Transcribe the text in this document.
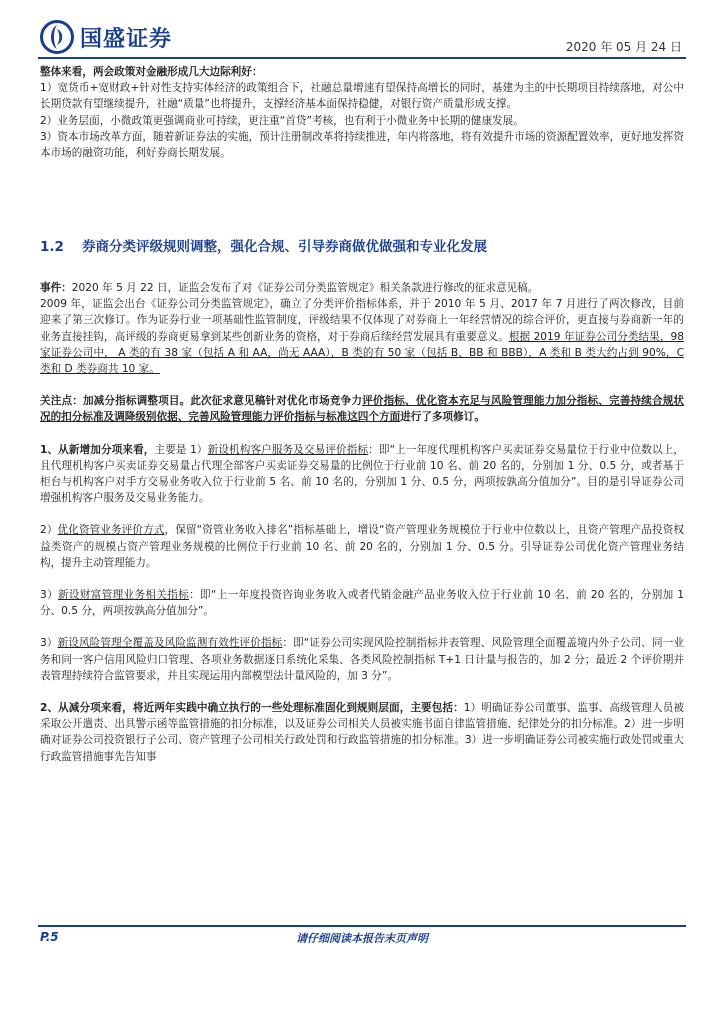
国盛证券	2020 年 05 月 24 日

整体来看，两会政策对金融形成几大边际利好：

1）宽货币+宽财政+针对性支持实体经济的政策组合下，社融总量增速有望保持高增长的同时，基建为主的中长期项目持续落地，对公中长期贷款有望继续提升，社融“质量”也将提升，支撑经济基本面保持稳健，对银行资产质量形成支撑。

2）业务层面，小微政策更强调商业可持续，更注重“首贷”考核，也有利于小微业务中长期的健康发展。

3）资本市场改革方面，随着新证券法的实施，预计注册制改革将持续推进，年内将落地，将有效提升市场的资源配置效率，更好地发挥资本市场的融资功能，利好券商长期发展。

1.2 券商分类评级规则调整，强化合规、引导券商做优做强和专业化发展

事件：2020 年 5 月 22 日，证监会发布了对《证券公司分类监管规定》相关条款进行修改的征求意见稿。

2009 年，证监会出台《证券公司分类监管规定》，确立了分类评价指标体系，并于 2010 年 5 月、2017 年 7 月进行了两次修改，目前迎来了第三次修订。作为证券行业一项基础性监管制度，评级结果不仅体现了对券商上一年经营情况的综合评价，更直接与券商新一年的业务直接挂钩，高评级的券商更易拿到某些创新业务的资格，对于券商后续经营发展具有重要意义。根据 2019 年证券公司分类结果，98 家证券公司中， A 类的有 38 家（包括 A 和 AA，尚无 AAA），B 类的有 50 家（包括 B、BB 和 BBB），A 类和 B 类大约占到 90%，C 类和 D 类券商共 10 家。

关注点：加减分指标调整项目。此次征求意见稿针对优化市场竞争力评价指标、优化资本充足与风险管理能力加分指标、完善持续合规状况的扣分标准及调降级别依据、完善风险管理能力评价指标与标准这四个方面进行了多项修订。

1、从新增加分项来看，主要是 1）新设机构客户服务及交易评价指标：即“上一年度代理机构客户买卖证券交易量位于行业中位数以上，且代理机构客户买卖证券交易量占代理全部客户买卖证券交易量的比例位于行业前 10 名、前 20 名的，分别加 1 分、0.5 分，或者基于柜台与机构客户对手方交易业务收入位于行业前 5 名、前 10 名的，分别加 1 分、0.5 分，两项按孰高分值加分”。目的是引导证券公司增强机构客户服务及交易业务能力。

2）优化资管业务评价方式，保留“资管业务收入排名”指标基础上，增设“资产管理业务规模位于行业中位数以上，且资产管理产品投资权益类资产的规模占资产管理业务规模的比例位于行业前 10 名、前 20 名的，分别加 1 分、0.5 分。引导证券公司优化资产管理业务结构，提升主动管理能力。

3）新设财富管理业务相关指标：即“上一年度投资咨询业务收入或者代销金融产品业务收入位于行业前 10 名、前 20 名的，分别加 1 分、0.5 分，两项按孰高分值加分”。

3）新设风险管理全覆盖及风险监测有效性评价指标：即“证券公司实现风险控制指标并表管理、风险管理全面覆盖境内外子公司、同一业务和同一客户信用风险归口管理、各项业务数据逐日系统化采集、各类风险控制指标 T+1 日计量与报告的，加 2 分；最近 2 个评价期并表管理持续符合监管要求，并且实现运用内部模型法计量风险的，加 3 分”。

2、从减分项来看，将近两年实践中确立执行的一些处理标准固化到规则层面，主要包括：1）明确证券公司董事、监事、高级管理人员被采取公开遣责、出具警示函等监管措施的扣分标准，以及证券公司相关人员被实施书面自律监管措施、纪律处分的扣分标准。2）进一步明确对证券公司投资银行子公司、资产管理子公司相关行政处罚和行政监管措施的扣分标准。3）进一步明确证券公司被实施行政处罚或重大行政监管措施事先告知事

P.5	请仔细阅读本报告末页声明
